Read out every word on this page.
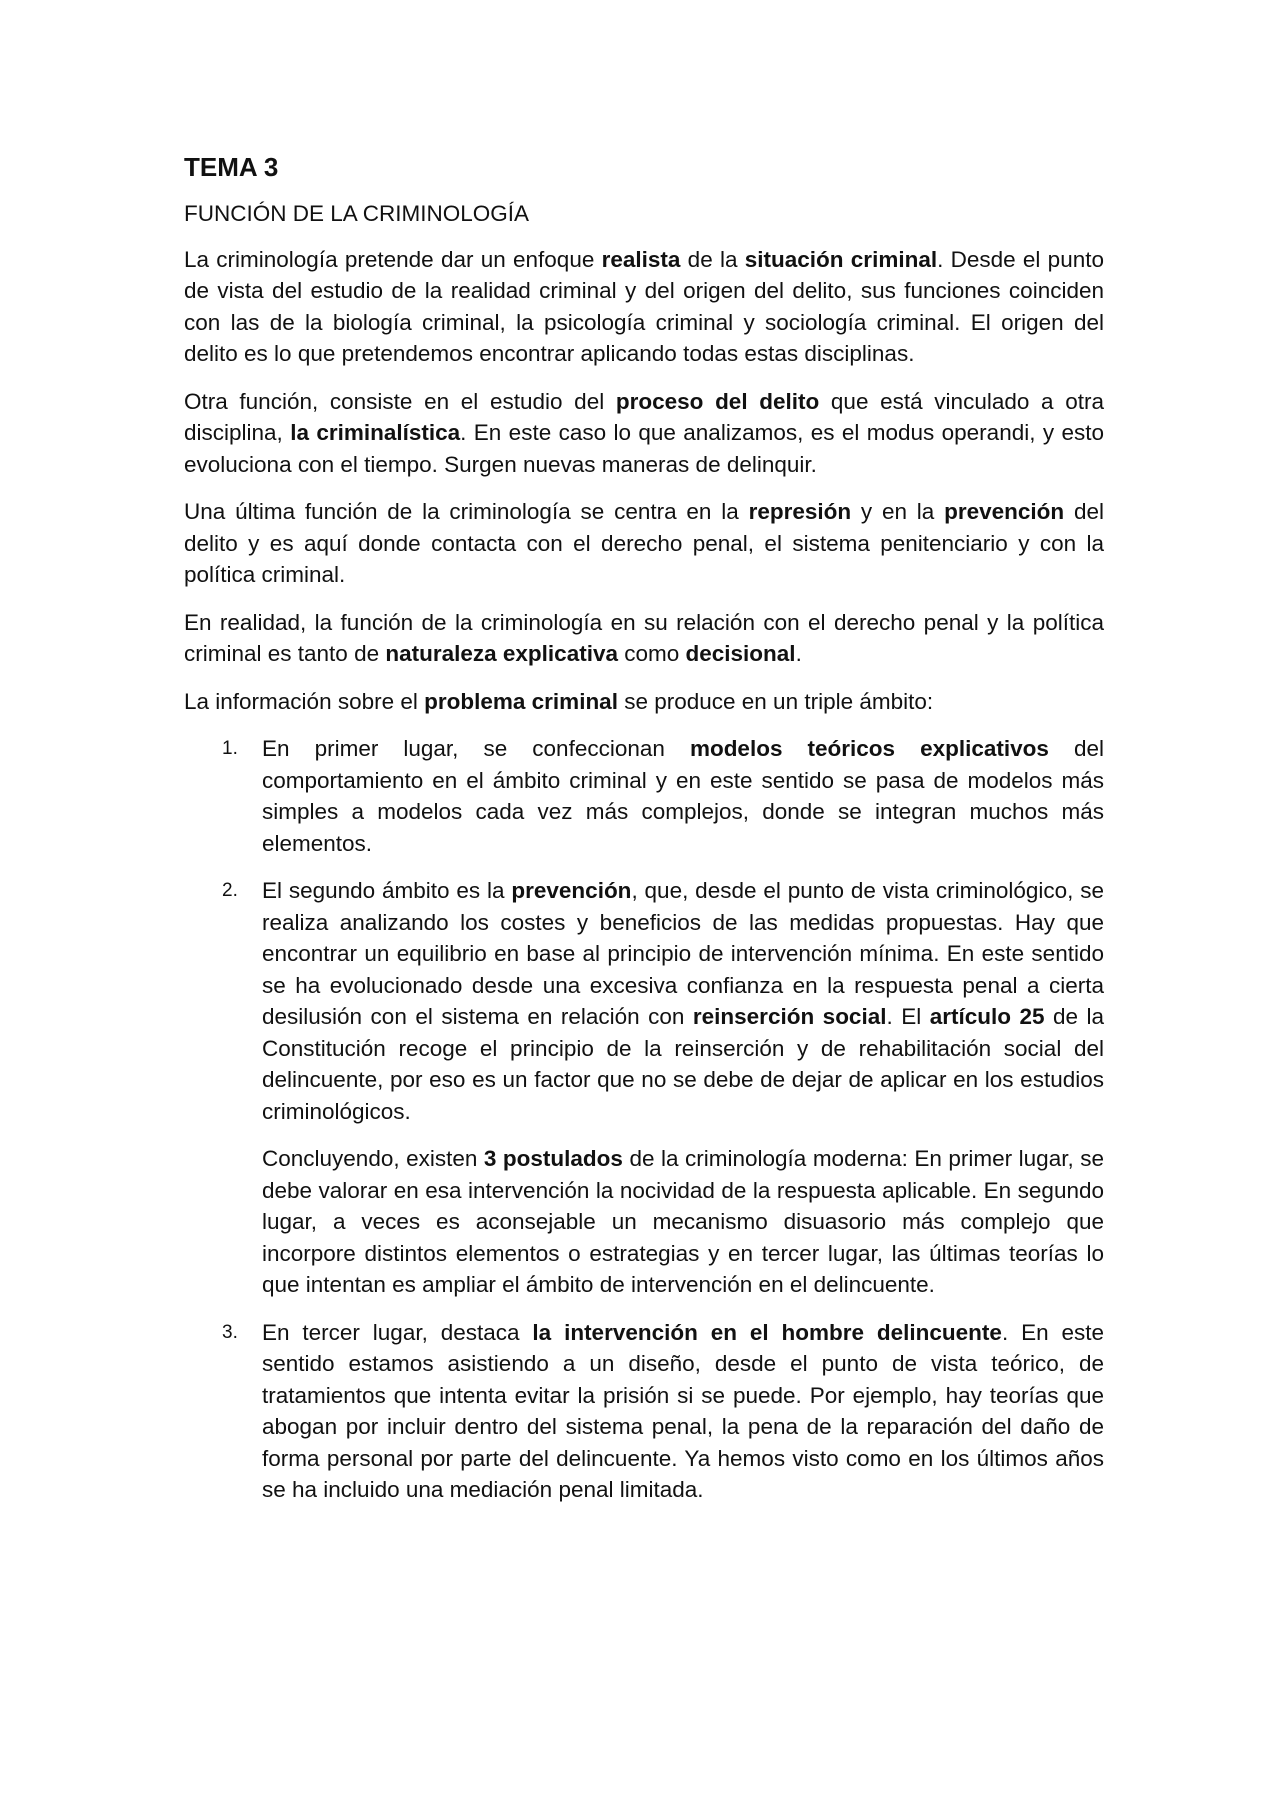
TEMA 3
FUNCIÓN DE LA CRIMINOLOGÍA

La criminología pretende dar un enfoque realista de la situación criminal. Desde el punto de vista del estudio de la realidad criminal y del origen del delito, sus funciones coinciden con las de la biología criminal, la psicología criminal y sociología criminal. El origen del delito es lo que pretendemos encontrar aplicando todas estas disciplinas.

Otra función, consiste en el estudio del proceso del delito que está vinculado a otra disciplina, la criminalística. En este caso lo que analizamos, es el modus operandi, y esto evoluciona con el tiempo. Surgen nuevas maneras de delinquir.

Una última función de la criminología se centra en la represión y en la prevención del delito y es aquí donde contacta con el derecho penal, el sistema penitenciario y con la política criminal.

En realidad, la función de la criminología en su relación con el derecho penal y la política criminal es tanto de naturaleza explicativa como decisional.

La información sobre el problema criminal se produce en un triple ámbito:

1. En primer lugar, se confeccionan modelos teóricos explicativos del comportamiento en el ámbito criminal y en este sentido se pasa de modelos más simples a modelos cada vez más complejos, donde se integran muchos más elementos.

2. El segundo ámbito es la prevención, que, desde el punto de vista criminológico, se realiza analizando los costes y beneficios de las medidas propuestas. Hay que encontrar un equilibrio en base al principio de intervención mínima. En este sentido se ha evolucionado desde una excesiva confianza en la respuesta penal a cierta desilusión con el sistema en relación con reinserción social. El artículo 25 de la Constitución recoge el principio de la reinserción y de rehabilitación social del delincuente, por eso es un factor que no se debe de dejar de aplicar en los estudios criminológicos.

Concluyendo, existen 3 postulados de la criminología moderna: En primer lugar, se debe valorar en esa intervención la nocividad de la respuesta aplicable. En segundo lugar, a veces es aconsejable un mecanismo disuasorio más complejo que incorpore distintos elementos o estrategias y en tercer lugar, las últimas teorías lo que intentan es ampliar el ámbito de intervención en el delincuente.

3. En tercer lugar, destaca la intervención en el hombre delincuente. En este sentido estamos asistiendo a un diseño, desde el punto de vista teórico, de tratamientos que intenta evitar la prisión si se puede. Por ejemplo, hay teorías que abogan por incluir dentro del sistema penal, la pena de la reparación del daño de forma personal por parte del delincuente. Ya hemos visto como en los últimos años se ha incluido una mediación penal limitada.
